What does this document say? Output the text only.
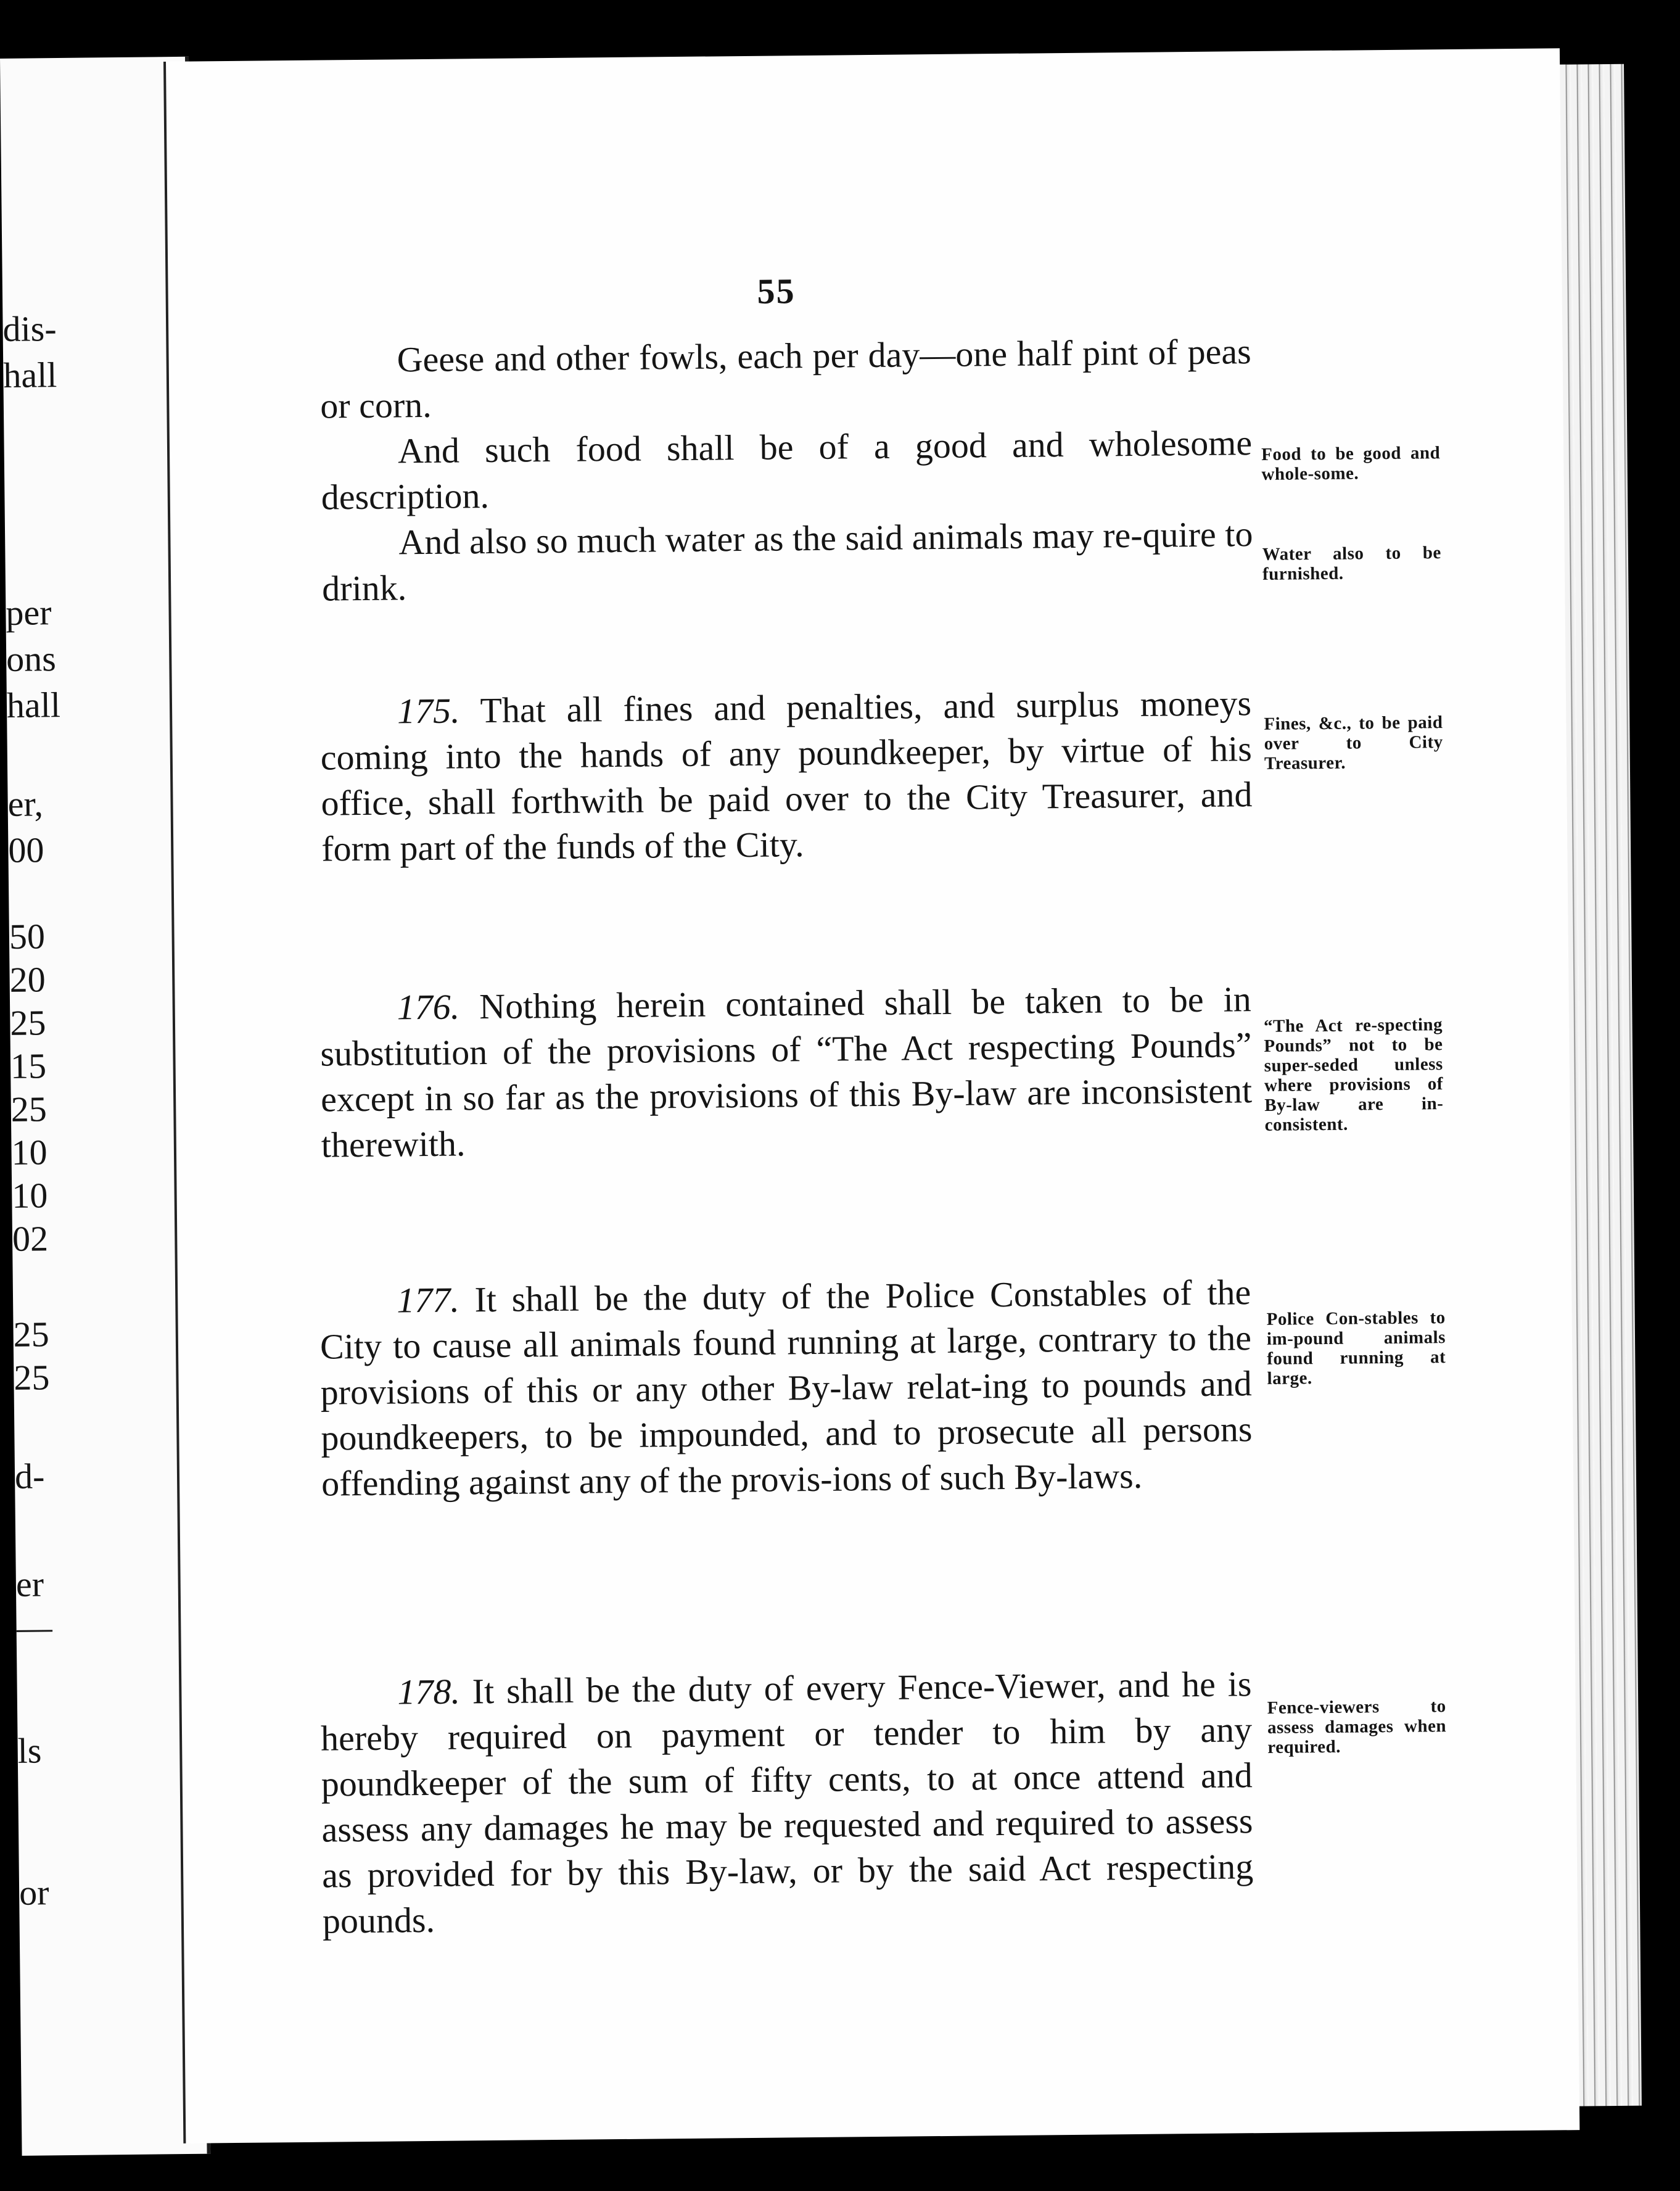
dis-
hall
per
ons
hall
er,
00
50
20
25
15
25
10
10
02
25
25
d-
er
—
ls
or
55

Geese and other fowls, each per day—one half pint of peas or corn.

And such food shall be of a good and wholesome description.

Food to be good and whole-some.

And also so much water as the said animals may re-quire to drink.

Water also to be furnished.

175. That all fines and penalties, and surplus moneys coming into the hands of any poundkeeper, by virtue of his office, shall forthwith be paid over to the City Treasurer, and form part of the funds of the City.

Fines, &c., to be paid over to City Treasurer.

176. Nothing herein contained shall be taken to be in substitution of the provisions of “The Act respecting Pounds” except in so far as the provisions of this By-law are inconsistent therewith.

“The Act re-specting Pounds” not to be super-seded unless where provisions of By-law are in-consistent.

177. It shall be the duty of the Police Constables of the City to cause all animals found running at large, contrary to the provisions of this or any other By-law relat-ing to pounds and poundkeepers, to be impounded, and to prosecute all persons offending against any of the provis-ions of such By-laws.

Police Con-stables to im-pound animals found running at large.

178. It shall be the duty of every Fence-Viewer, and he is hereby required on payment or tender to him by any poundkeeper of the sum of fifty cents, to at once attend and assess any damages he may be requested and required to assess as provided for by this By-law, or by the said Act respecting pounds.

Fence-viewers to assess damages when required.
